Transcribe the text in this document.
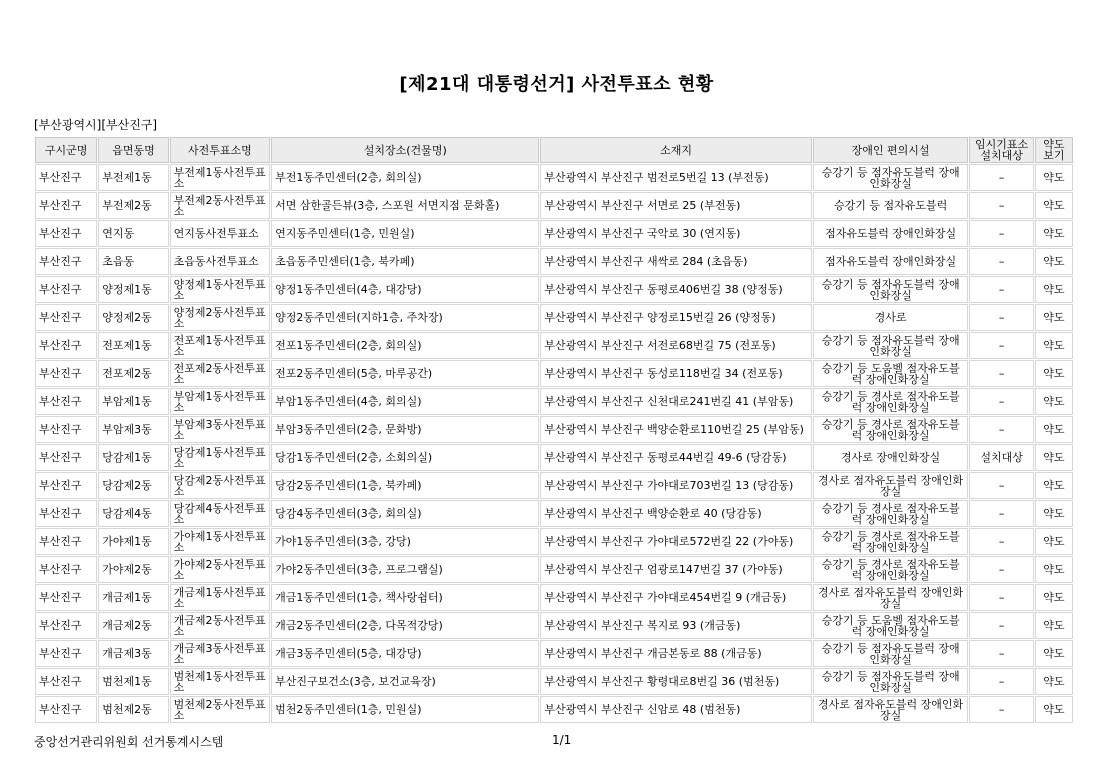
[제21대 대통령선거] 사전투표소 현황
[부산광역시][부산진구]
구시군명	읍면동명	사전투표소명	설치장소(건물명)	소재지	장애인 편의시설	임시기표소 설치대상	약도 보기
부산진구	부전제1동	부전제1동사전투표소	부전1동주민센터(2층, 회의실)	부산광역시 부산진구 범전로5번길 13 (부전동)	승강기 등 점자유도블럭 장애인화장실	–	약도
부산진구	부전제2동	부전제2동사전투표소	서면 삼한골든뷰(3층, 스포원 서면지점 문화홀)	부산광역시 부산진구 서면로 25 (부전동)	승강기 등 점자유도블럭	–	약도
부산진구	연지동	연지동사전투표소	연지동주민센터(1층, 민원실)	부산광역시 부산진구 국악로 30 (연지동)	점자유도블럭 장애인화장실	–	약도
부산진구	초읍동	초읍동사전투표소	초읍동주민센터(1층, 북카페)	부산광역시 부산진구 새싹로 284 (초읍동)	점자유도블럭 장애인화장실	–	약도
부산진구	양정제1동	양정제1동사전투표소	양정1동주민센터(4층, 대강당)	부산광역시 부산진구 동평로406번길 38 (양정동)	승강기 등 점자유도블럭 장애인화장실	–	약도
부산진구	양정제2동	양정제2동사전투표소	양정2동주민센터(지하1층, 주차장)	부산광역시 부산진구 양정로15번길 26 (양정동)	경사로	–	약도
부산진구	전포제1동	전포제1동사전투표소	전포1동주민센터(2층, 회의실)	부산광역시 부산진구 서전로68번길 75 (전포동)	승강기 등 점자유도블럭 장애인화장실	–	약도
부산진구	전포제2동	전포제2동사전투표소	전포2동주민센터(5층, 마루공간)	부산광역시 부산진구 동성로118번길 34 (전포동)	승강기 등 도움벨 점자유도블럭 장애인화장실	–	약도
부산진구	부암제1동	부암제1동사전투표소	부암1동주민센터(4층, 회의실)	부산광역시 부산진구 신천대로241번길 41 (부암동)	승강기 등 경사로 점자유도블럭 장애인화장실	–	약도
부산진구	부암제3동	부암제3동사전투표소	부암3동주민센터(2층, 문화방)	부산광역시 부산진구 백양순환로110번길 25 (부암동)	승강기 등 경사로 점자유도블럭 장애인화장실	–	약도
부산진구	당감제1동	당감제1동사전투표소	당감1동주민센터(2층, 소회의실)	부산광역시 부산진구 동평로44번길 49-6 (당감동)	경사로 장애인화장실	설치대상	약도
부산진구	당감제2동	당감제2동사전투표소	당감2동주민센터(1층, 북카페)	부산광역시 부산진구 가야대로703번길 13 (당감동)	경사로 점자유도블럭 장애인화장실	–	약도
부산진구	당감제4동	당감제4동사전투표소	당감4동주민센터(3층, 회의실)	부산광역시 부산진구 백양순환로 40 (당감동)	승강기 등 경사로 점자유도블럭 장애인화장실	–	약도
부산진구	가야제1동	가야제1동사전투표소	가야1동주민센터(3층, 강당)	부산광역시 부산진구 가야대로572번길 22 (가야동)	승강기 등 경사로 점자유도블럭 장애인화장실	–	약도
부산진구	가야제2동	가야제2동사전투표소	가야2동주민센터(3층, 프로그램실)	부산광역시 부산진구 엄광로147번길 37 (가야동)	승강기 등 경사로 점자유도블럭 장애인화장실	–	약도
부산진구	개금제1동	개금제1동사전투표소	개금1동주민센터(1층, 책사랑쉼터)	부산광역시 부산진구 가야대로454번길 9 (개금동)	경사로 점자유도블럭 장애인화장실	–	약도
부산진구	개금제2동	개금제2동사전투표소	개금2동주민센터(2층, 다목적강당)	부산광역시 부산진구 복지로 93 (개금동)	승강기 등 도움벨 점자유도블럭 장애인화장실	–	약도
부산진구	개금제3동	개금제3동사전투표소	개금3동주민센터(5층, 대강당)	부산광역시 부산진구 개금본동로 88 (개금동)	승강기 등 점자유도블럭 장애인화장실	–	약도
부산진구	범천제1동	범천제1동사전투표소	부산진구보건소(3층, 보건교육장)	부산광역시 부산진구 황령대로8번길 36 (범천동)	승강기 등 점자유도블럭 장애인화장실	–	약도
부산진구	범천제2동	범천제2동사전투표소	범천2동주민센터(1층, 민원실)	부산광역시 부산진구 신암로 48 (범천동)	경사로 점자유도블럭 장애인화장실	–	약도
중앙선거관리위원회 선거통계시스템	1/1
